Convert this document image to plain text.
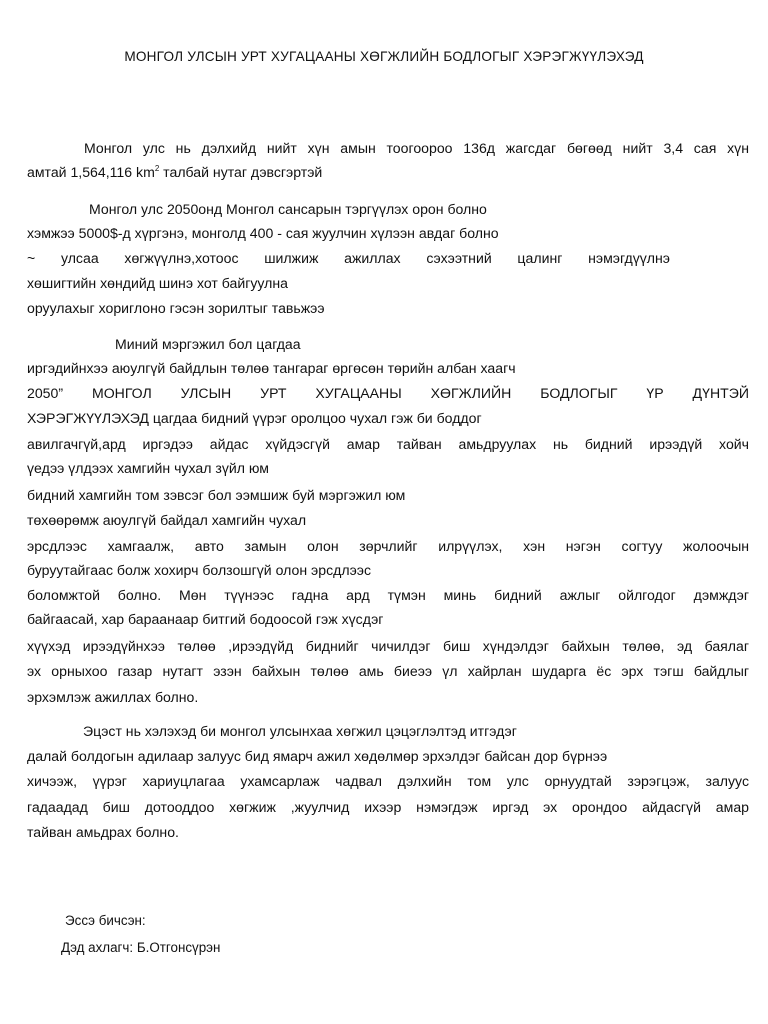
МОНГОЛ УЛСЫН УРТ ХУГАЦААНЫ ХӨГЖЛИЙН БОДЛОГЫГ ХЭРЭГЖҮҮЛЭХЭД
Монгол улс нь дэлхийд нийт хүн амын тоогоороо 136д жагсдаг бөгөөд нийт 3,4 сая хүн
амтай 1,564,116 $km^2$ талбай нутаг дэвсгэртэй
Монгол улс 2050онд Монгол сансарын тэргүүлэх орон болно
хэмжээ 5000$-д хүргэнэ, монголд 400 - сая жуулчин хүлээн авдаг болно
~ улсаа хөгжүүлнэ,хотоос шилжиж ажиллах сэхээтний цалинг нэмэгдүүлнэ
хөшигтийн хөндийд шинэ хот байгуулна
оруулахыг хориглоно гэсэн зорилтыг тавьжээ
Миний мэргэжил бол цагдаа
иргэдийнхээ аюулгүй байдлын төлөө тангараг өргөсөн төрийн албан хаагч
2050” МОНГОЛ УЛСЫН УРТ ХУГАЦААНЫ ХӨГЖЛИЙН БОДЛОГЫГ ҮР ДҮНТЭЙ
ХЭРЭГЖҮҮЛЭХЭД цагдаа бидний үүрэг оролцоо чухал гэж би боддог
авилгачгүй,ард иргэдээ айдас хүйдэсгүй амар тайван амьдруулах нь бидний ирээдүй хойч
үедээ үлдээх хамгийн чухал зүйл юм
бидний хамгийн том зэвсэг бол ээмшиж буй мэргэжил юм
төхөөрөмж аюулгүй байдал хамгийн чухал
эрсдлээс хамгаалж, авто замын олон зөрчлийг илрүүлэх, хэн нэгэн согтуу жолоочын
буруутайгаас болж хохирч болзошгүй олон эрсдлээс
боломжтой болно. Мөн түүнээс гадна ард түмэн минь бидний ажлыг ойлгодог дэмждэг
байгаасай, хар бараанаар битгий бодоосой гэж хүсдэг
хүүхэд ирээдүйнхээ төлөө ,ирээдүйд биднийг чичилдэг биш хүндэлдэг байхын төлөө, эд баялаг
эх орныхоо газар нутагт эзэн байхын төлөө амь биеээ үл хайрлан шударга ёс эрх тэгш байдлыг
эрхэмлэж ажиллах болно.
Эцэст нь хэлэхэд би монгол улсынхаа хөгжил цэцэглэлтэд итгэдэг
далай болдогын адилаар залуус бид ямарч ажил хөдөлмөр эрхэлдэг байсан дор бүрнээ
хичээж, үүрэг хариуцлагаа ухамсарлаж чадвал дэлхийн том улс орнуудтай зэрэгцэж, залуус
гадаадад биш дотооддоо хөгжиж ,жуулчид ихээр нэмэгдэж иргэд эх орондоо айдасгүй амар
тайван амьдрах болно.
Эссэ бичсэн:
Дэд ахлагч: Б.Отгонсүрэн
